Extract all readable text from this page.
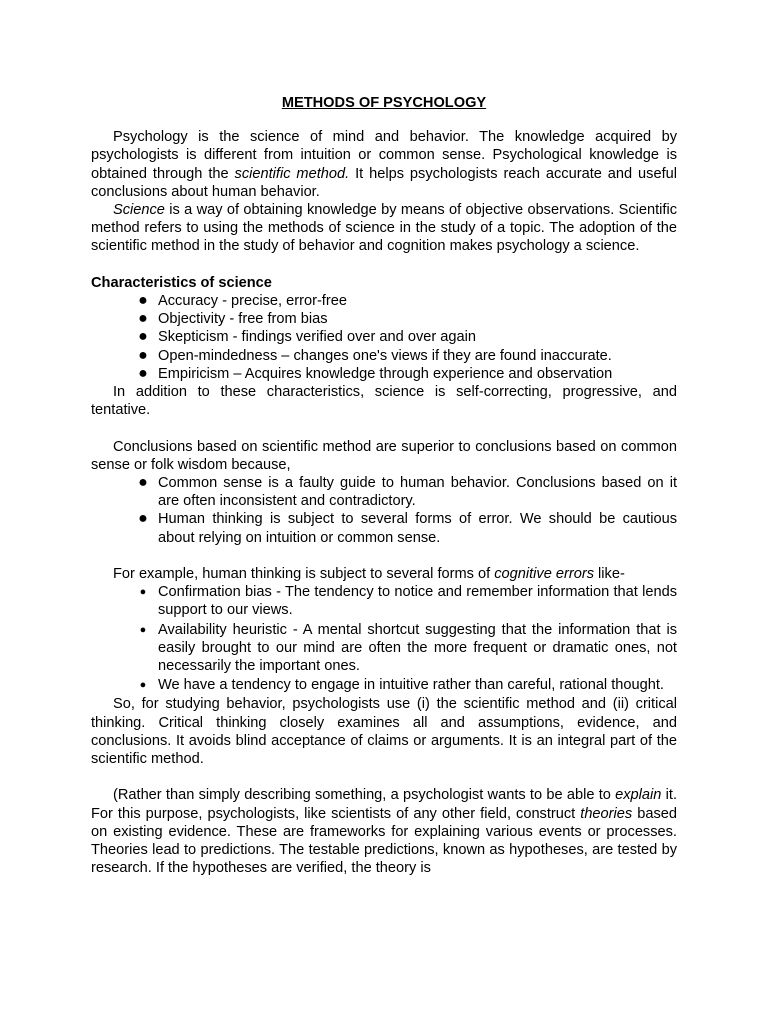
METHODS OF PSYCHOLOGY

Psychology is the science of mind and behavior. The knowledge acquired by psychologists is different from intuition or common sense. Psychological knowledge is obtained through the scientific method. It helps psychologists reach accurate and useful conclusions about human behavior.

Science is a way of obtaining knowledge by means of objective observations. Scientific method refers to using the methods of science in the study of a topic. The adoption of the scientific method in the study of behavior and cognition makes psychology a science.

Characteristics of science
● Accuracy - precise, error-free
● Objectivity - free from bias
● Skepticism - findings verified over and over again
● Open-mindedness – changes one's views if they are found inaccurate.
● Empiricism – Acquires knowledge through experience and observation

In addition to these characteristics, science is self-correcting, progressive, and tentative.

Conclusions based on scientific method are superior to conclusions based on common sense or folk wisdom because,

● Common sense is a faulty guide to human behavior. Conclusions based on it are often inconsistent and contradictory.
● Human thinking is subject to several forms of error. We should be cautious about relying on intuition or common sense.

For example, human thinking is subject to several forms of cognitive errors like-

● Confirmation bias - The tendency to notice and remember information that lends support to our views.
● Availability heuristic - A mental shortcut suggesting that the information that is easily brought to our mind are often the more frequent or dramatic ones, not necessarily the important ones.
● We have a tendency to engage in intuitive rather than careful, rational thought.

So, for studying behavior, psychologists use (i) the scientific method and (ii) critical thinking. Critical thinking closely examines all and assumptions, evidence, and conclusions. It avoids blind acceptance of claims or arguments. It is an integral part of the scientific method.

(Rather than simply describing something, a psychologist wants to be able to explain it. For this purpose, psychologists, like scientists of any other field, construct theories based on existing evidence. These are frameworks for explaining various events or processes. Theories lead to predictions. The testable predictions, known as hypotheses, are tested by research. If the hypotheses are verified, the theory is
